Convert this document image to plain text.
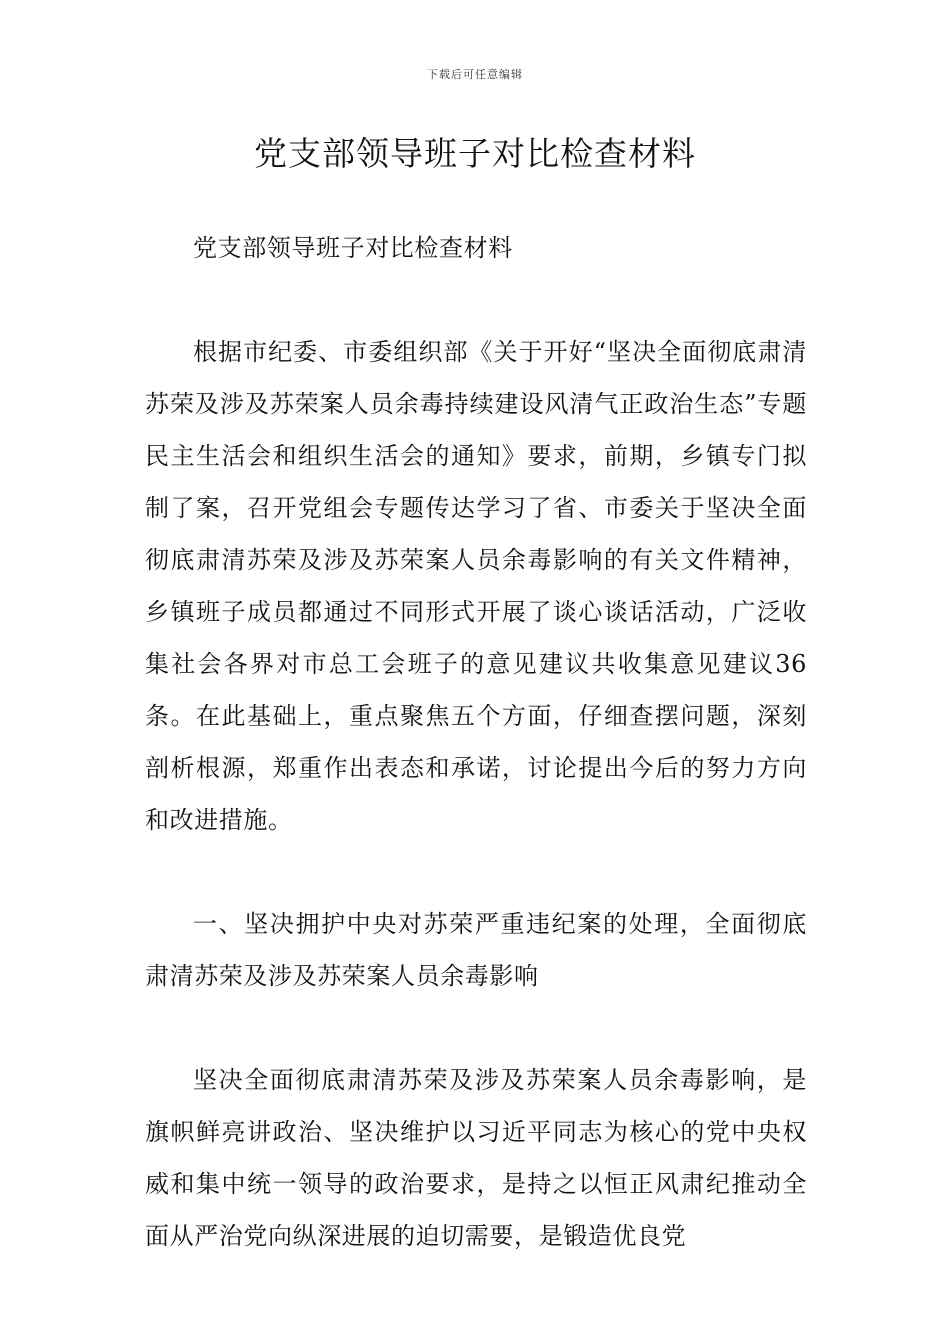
下载后可任意编辑
党支部领导班子对比检查材料

党支部领导班子对比检查材料

根据市纪委、市委组织部《关于开好“坚决全面彻底肃清苏荣及涉及苏荣案人员余毒持续建设风清气正政治生态”专题民主生活会和组织生活会的通知》要求，前期，乡镇专门拟制了案，召开党组会专题传达学习了省、市委关于坚决全面彻底肃清苏荣及涉及苏荣案人员余毒影响的有关文件精神，乡镇班子成员都通过不同形式开展了谈心谈话活动，广泛收集社会各界对市总工会班子的意见建议共收集意见建议36条。在此基础上，重点聚焦五个方面，仔细查摆问题，深刻剖析根源，郑重作出表态和承诺，讨论提出今后的努力方向和改进措施。

一、坚决拥护中央对苏荣严重违纪案的处理，全面彻底肃清苏荣及涉及苏荣案人员余毒影响

坚决全面彻底肃清苏荣及涉及苏荣案人员余毒影响，是旗帜鲜亮讲政治、坚决维护以习近平同志为核心的党中央权威和集中统一领导的政治要求，是持之以恒正风肃纪推动全面从严治党向纵深进展的迫切需要，是锻造优良党
